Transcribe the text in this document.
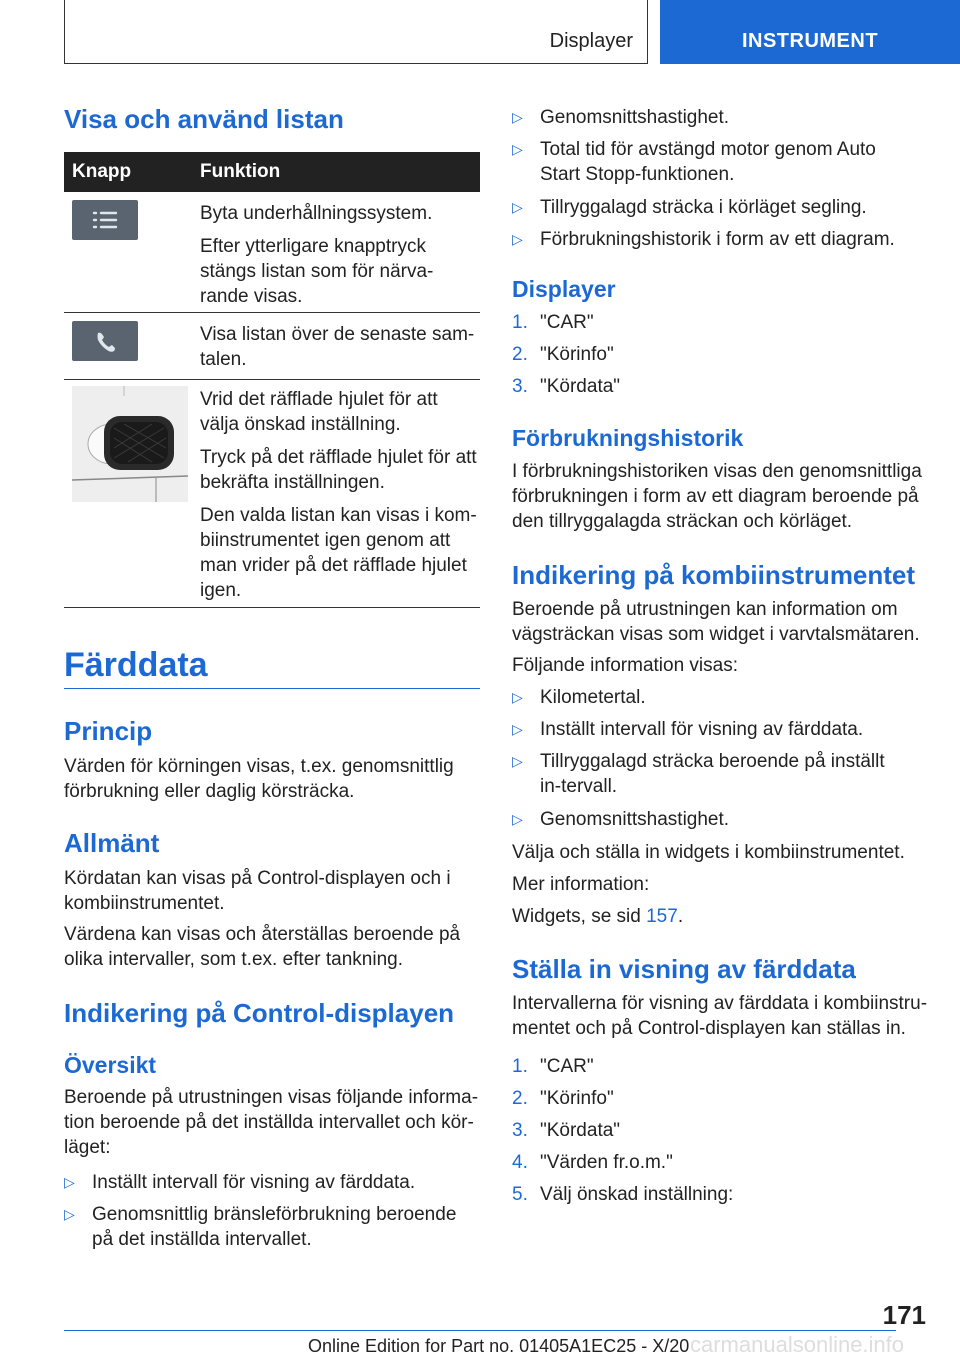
Displayer	INSTRUMENT
Visa och använd listan
Knapp	Funktion

Byta underhållningssystem.

Efter ytterligare knapptryck stängs listan som för närva-rande visas.

Visa listan över de senaste sam-talen.

Vrid det räfflade hjulet för att välja önskad inställning.

Tryck på det räfflade hjulet för att bekräfta inställningen.

Den valda listan kan visas i kom-biinstrumentet igen genom att man vrider på det räfflade hjulet igen.

Färddata
Princip
Värden för körningen visas, t.ex. genomsnittlig förbrukning eller daglig körsträcka.
Allmänt
Kördatan kan visas på Control-displayen och i kombiinstrumentet.
Värdena kan visas och återställas beroende på olika intervaller, som t.ex. efter tankning.
Indikering på Control-displayen
Översikt
Beroende på utrustningen visas följande informa-tion beroende på det inställda intervallet och kör-läget:
▷ Inställt intervall för visning av färddata.
▷ Genomsnittlig bränsleförbrukning beroende på det inställda intervallet.
▷ Genomsnittshastighet.
▷ Total tid för avstängd motor genom Auto Start Stopp-funktionen.
▷ Tillryggalagd sträcka i körläget segling.
▷ Förbrukningshistorik i form av ett diagram.
Displayer
1. "CAR"
2. "Körinfo"
3. "Kördata"
Förbrukningshistorik
I förbrukningshistoriken visas den genomsnittliga förbrukningen i form av ett diagram beroende på den tillryggalagda sträckan och körläget.
Indikering på kombiinstrumentet
Beroende på utrustningen kan information om vägsträckan visas som widget i varvtalsmätaren.
Följande information visas:
▷ Kilometertal.
▷ Inställt intervall för visning av färddata.
▷ Tillryggalagd sträcka beroende på inställt in-tervall.
▷ Genomsnittshastighet.
Välja och ställa in widgets i kombiinstrumentet.
Mer information:
Widgets, se sid 157.
Ställa in visning av färddata
Intervallerna för visning av färddata i kombiinstru-mentet och på Control-displayen kan ställas in.
1. "CAR"
2. "Körinfo"
3. "Kördata"
4. "Värden fr.o.m."
5. Välj önskad inställning:
171
Online Edition for Part no. 01405A1EC25 - X/20 carmanualsonline.info
